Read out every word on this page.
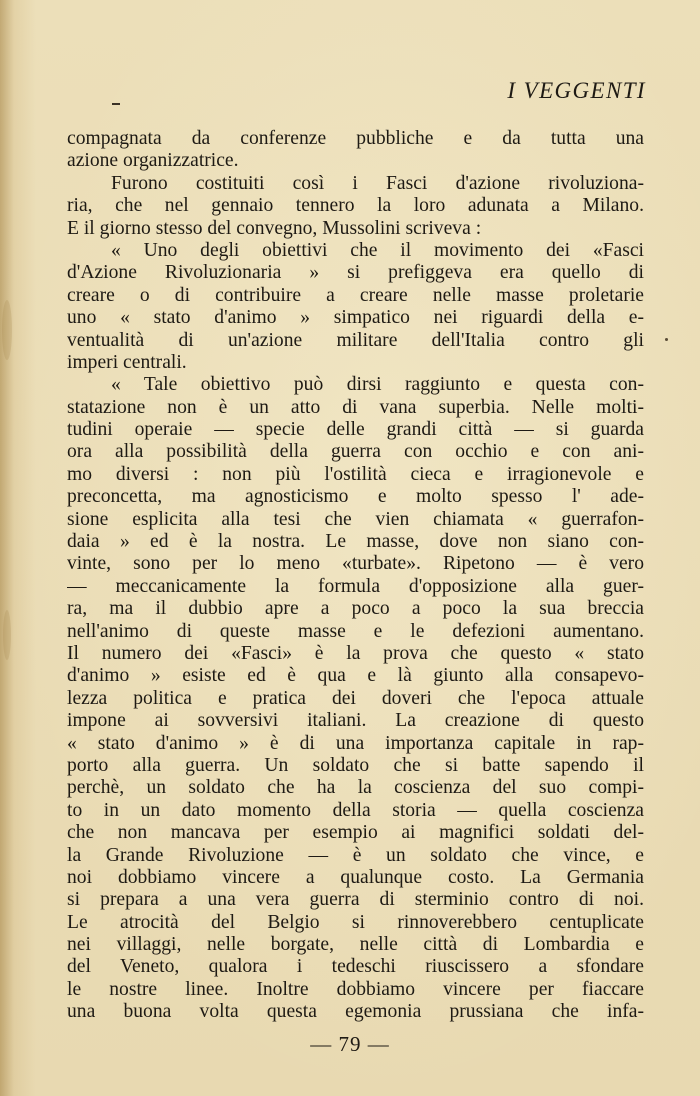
I VEGGENTI
compagnata da conferenze pubbliche e da tutta una
azione organizzatrice.
Furono costituiti così i Fasci d'azione rivoluziona-
ria, che nel gennaio tennero la loro adunata a Milano.
E il giorno stesso del convegno, Mussolini scriveva :
« Uno degli obiettivi che il movimento dei «Fasci
d'Azione Rivoluzionaria » si prefiggeva era quello di
creare o di contribuire a creare nelle masse proletarie
uno « stato d'animo » simpatico nei riguardi della e-
ventualità di un'azione militare dell'Italia contro gli
imperi centrali.
« Tale obiettivo può dirsi raggiunto e questa con-
statazione non è un atto di vana superbia. Nelle molti-
tudini operaie — specie delle grandi città — si guarda
ora alla possibilità della guerra con occhio e con ani-
mo diversi : non più l'ostilità cieca e irragionevole e
preconcetta, ma agnosticismo e molto spesso l' ade-
sione esplicita alla tesi che vien chiamata « guerrafon-
daia » ed è la nostra. Le masse, dove non siano con-
vinte, sono per lo meno «turbate». Ripetono — è vero
— meccanicamente la formula d'opposizione alla guer-
ra, ma il dubbio apre a poco a poco la sua breccia
nell'animo di queste masse e le defezioni aumentano.
Il numero dei «Fasci» è la prova che questo « stato
d'animo » esiste ed è qua e là giunto alla consapevo-
lezza politica e pratica dei doveri che l'epoca attuale
impone ai sovversivi italiani. La creazione di questo
« stato d'animo » è di una importanza capitale in rap-
porto alla guerra. Un soldato che si batte sapendo il
perchè, un soldato che ha la coscienza del suo compi-
to in un dato momento della storia — quella coscienza
che non mancava per esempio ai magnifici soldati del-
la Grande Rivoluzione — è un soldato che vince, e
noi dobbiamo vincere a qualunque costo. La Germania
si prepara a una vera guerra di sterminio contro di noi.
Le atrocità del Belgio si rinnoverebbero centuplicate
nei villaggi, nelle borgate, nelle città di Lombardia e
del Veneto, qualora i tedeschi riuscissero a sfondare
le nostre linee. Inoltre dobbiamo vincere per fiaccare
una buona volta questa egemonia prussiana che infa-
— 79 —
